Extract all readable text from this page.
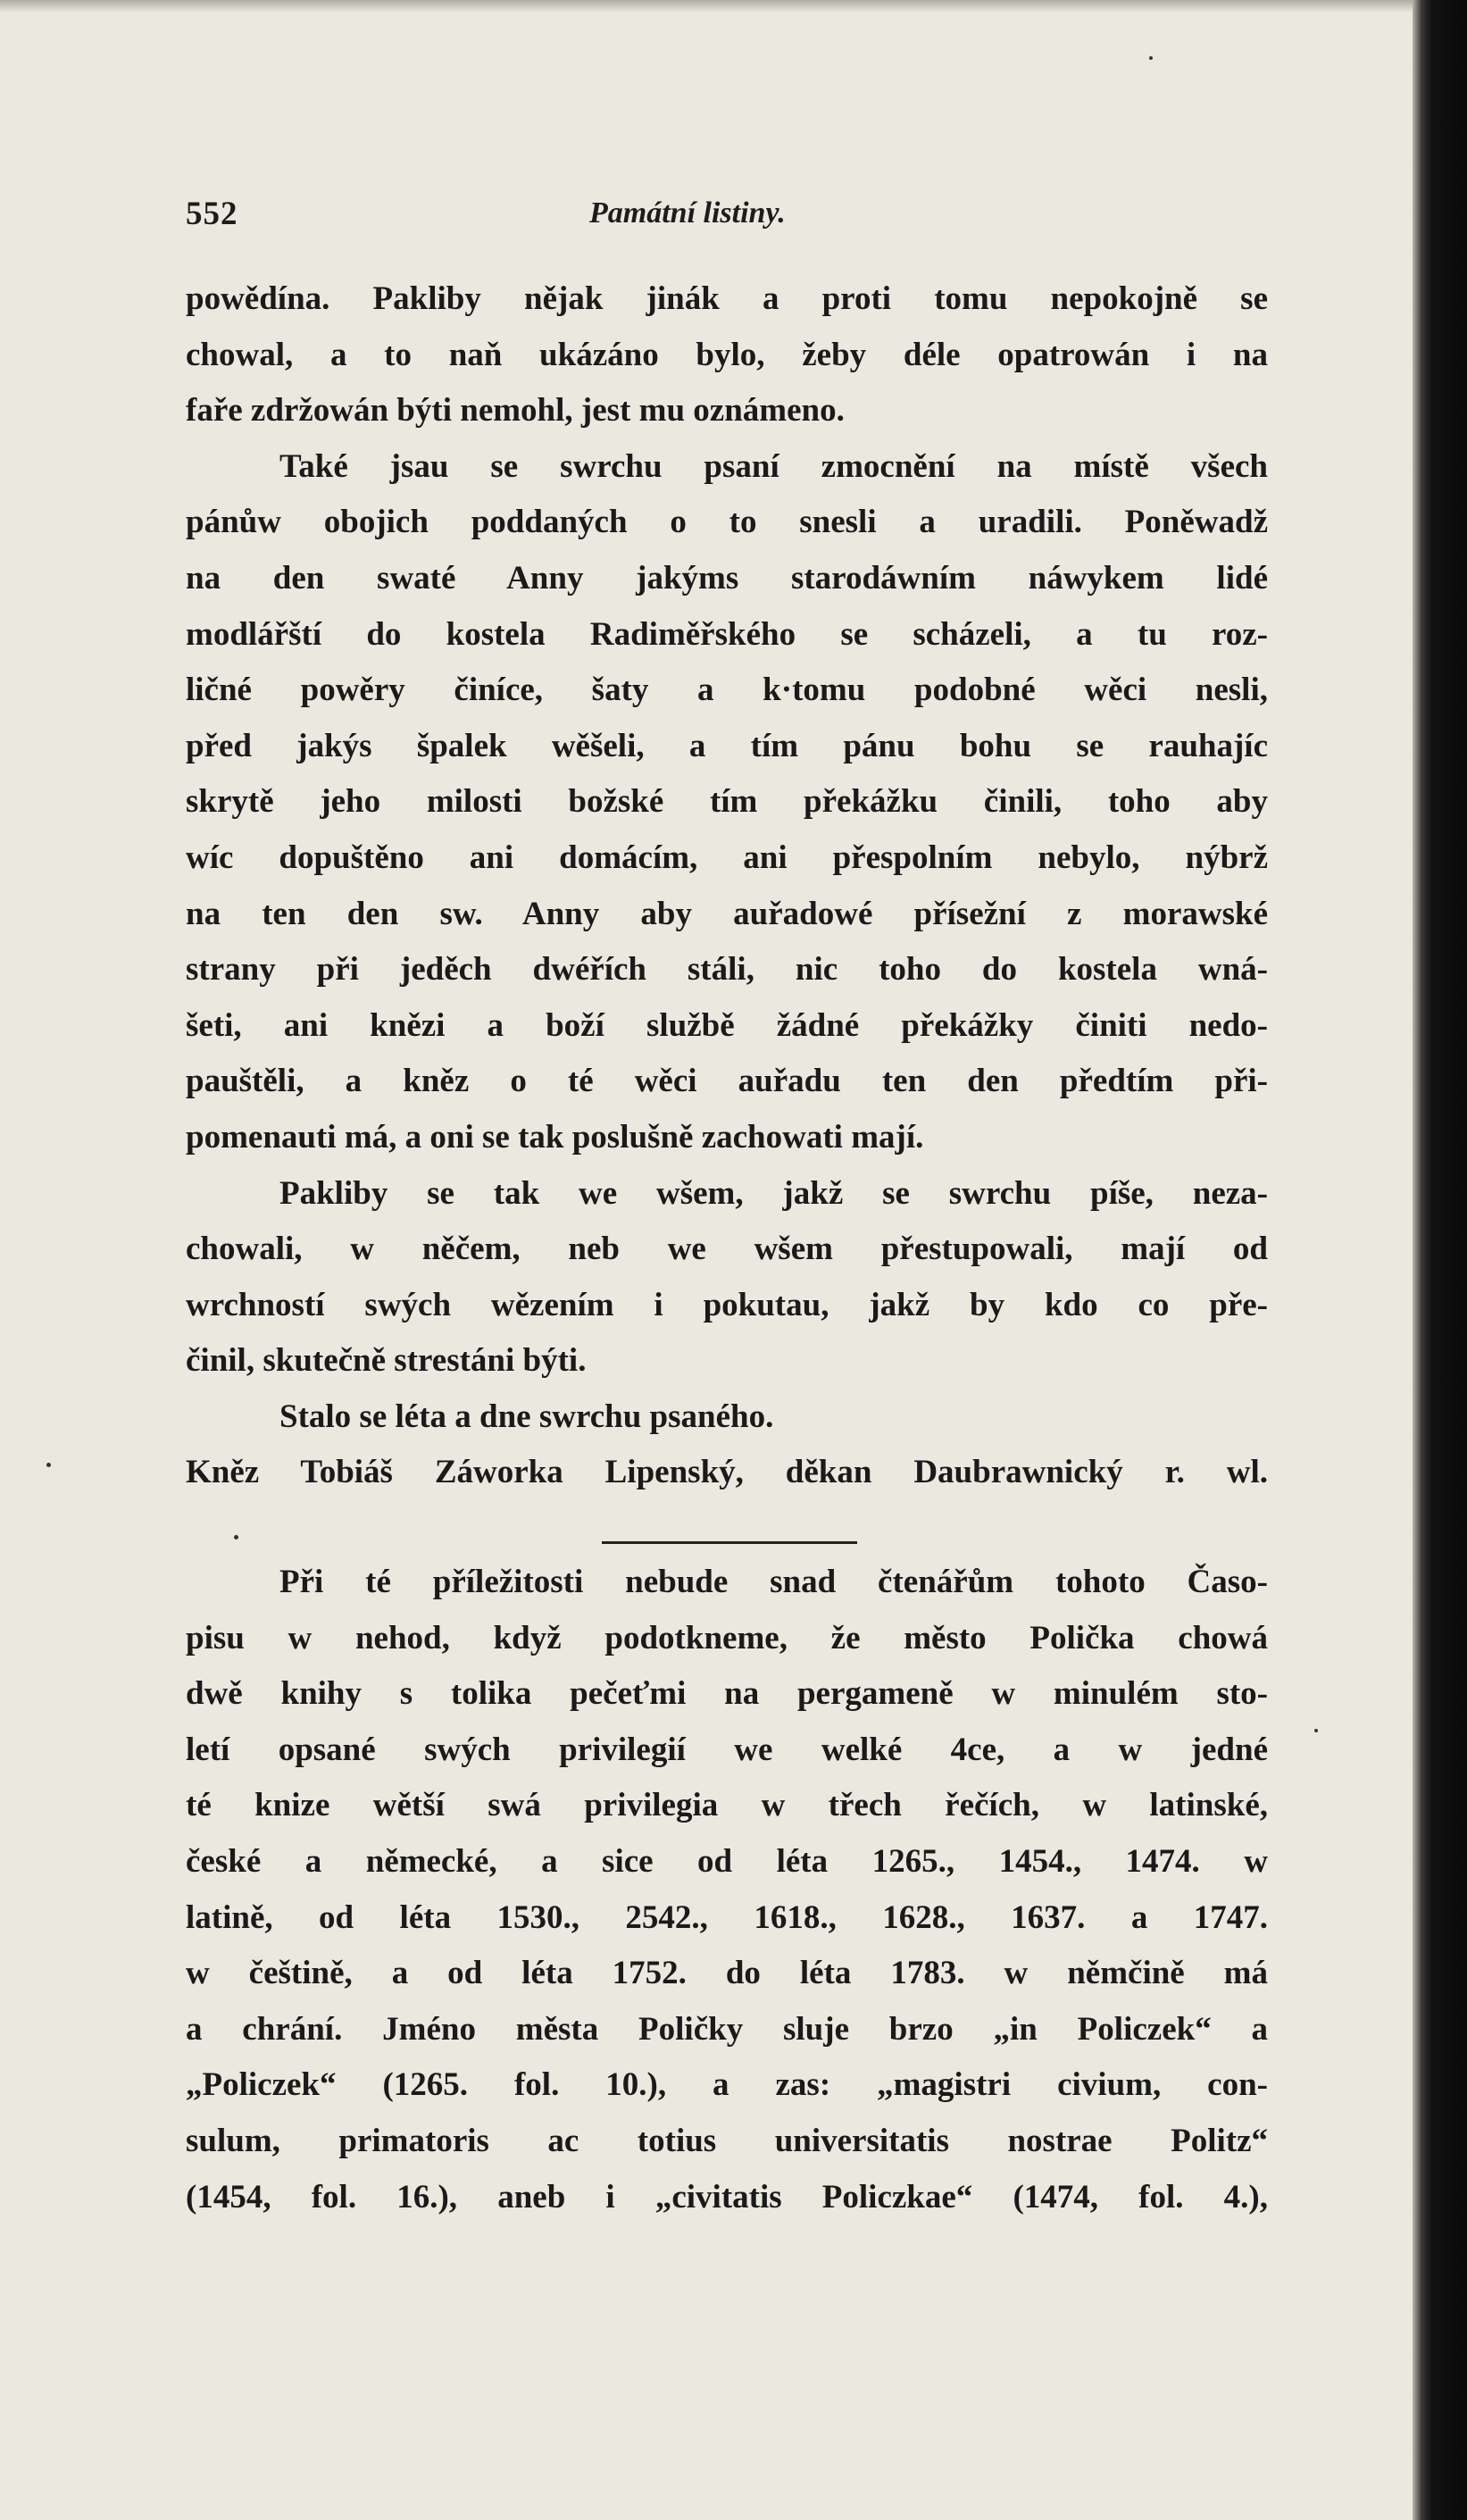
552	Památní listiny.
powědína. Pakliby nějak jinák a proti tomu nepokojně se
chowal, a to naň ukázáno bylo, žeby déle opatrowán i na
faře zdržowán býti nemohl, jest mu oznámeno.
Také jsau se swrchu psaní zmocnění na místě všech
pánůw obojich poddaných o to snesli a uradili. Poněwadž
na den swaté Anny jakýms starodáwním náwykem lidé
modlářští do kostela Radiměřského se scházeli, a tu roz-
ličné powěry činíce, šaty a k·tomu podobné wěci nesli,
před jakýs špalek wěšeli, a tím pánu bohu se rauhajíc
skrytě jeho milosti božské tím překážku činili, toho aby
wíc dopuštěno ani domácím, ani přespolním nebylo, nýbrž
na ten den sw. Anny aby auřadowé přísežní z morawské
strany při jeděch dwéřích stáli, nic toho do kostela wná-
šeti, ani knězi a boží službě žádné překážky činiti nedo-
pauštěli, a kněz o té wěci auřadu ten den předtím při-
pomenauti má, a oni se tak poslušně zachowati mají.
Pakliby se tak we wšem, jakž se swrchu píše, neza-
chowali, w něčem, neb we wšem přestupowali, mají od
wrchností swých wězením i pokutau, jakž by kdo co pře-
činil, skutečně strestáni býti.
Stalo se léta a dne swrchu psaného.
Kněz Tobiáš Záworka Lipenský, děkan Daubrawnický r. wl.
Při té příležitosti nebude snad čtenářům tohoto Časo-
pisu w nehod, když podotkneme, že město Polička chowá
dwě knihy s tolika pečeťmi na pergameně w minulém sto-
letí opsané swých privilegií we welké 4ce, a w jedné
té knize wětší swá privilegia w třech řečích, w latinské,
české a německé, a sice od léta 1265., 1454., 1474. w
latině, od léta 1530., 2542., 1618., 1628., 1637. a 1747.
w češtině, a od léta 1752. do léta 1783. w němčině má
a chrání. Jméno města Poličky sluje brzo „in Policzek“ a
„Policzek“ (1265. fol. 10.), a zas: „magistri civium, con-
sulum, primatoris ac totius universitatis nostrae Politz“
(1454, fol. 16.), aneb i „civitatis Policzkae“ (1474, fol. 4.),
